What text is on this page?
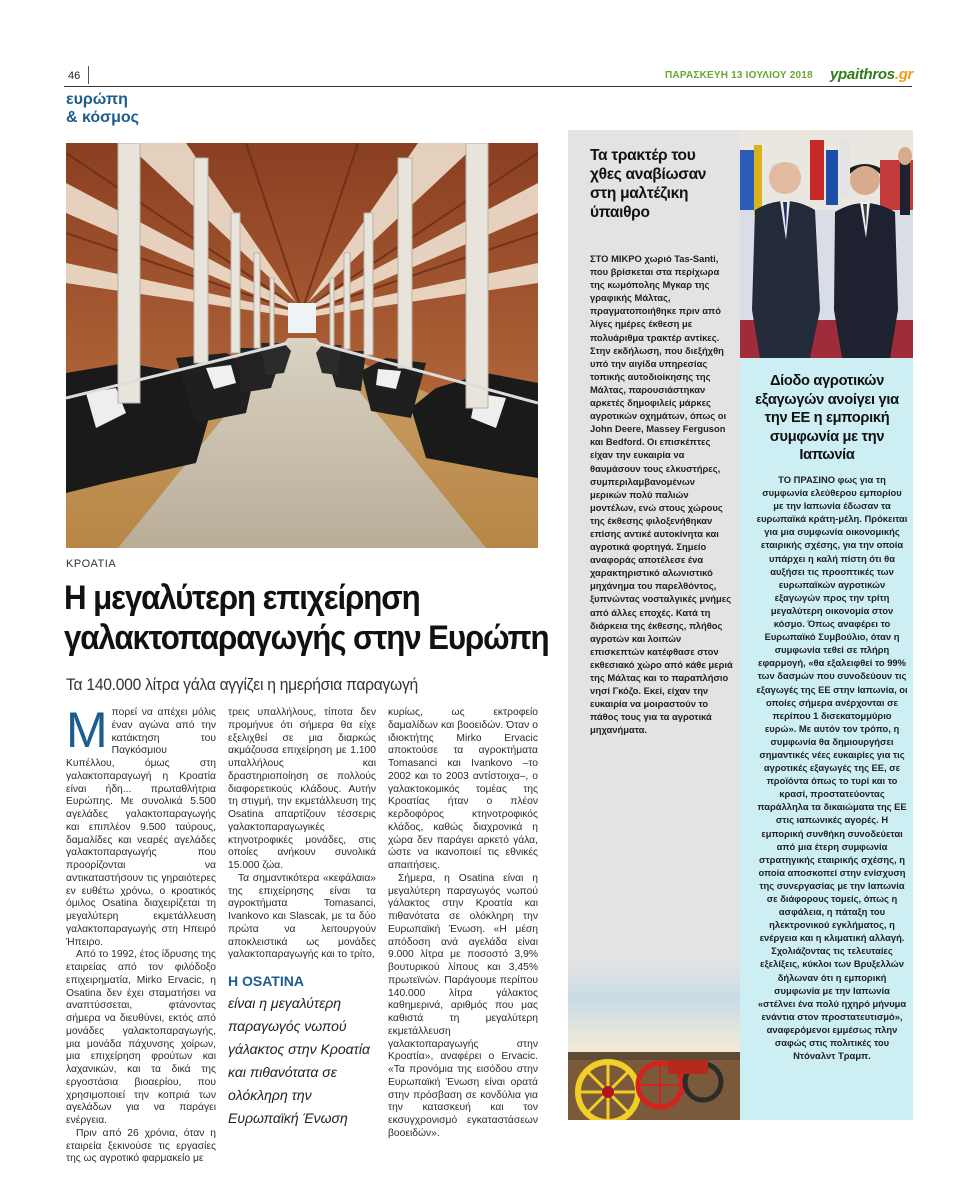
46	ΠΑΡΑΣΚΕΥΗ 13 ΙΟΥΛΙΟΥ 2018 ypaithros.gr
ευρώπη
& κόσμος
ΚΡΟΑΤΙΑ
Η μεγαλύτερη επιχείρηση
γαλακτοπαραγωγής στην Ευρώπη
Τα 140.000 λίτρα γάλα αγγίζει η ημερήσια παραγωγή

Μπορεί να απέχει μόλις έναν αγώνα από την κατάκτηση του Παγκόσμιου Κυπέλλου, όμως στη γαλακτοπαραγωγή η Κροατία είναι ήδη... πρωταθλήτρια Ευρώπης. Με συνολικά 5.500 αγελάδες γαλακτοπαραγωγής και επιπλέον 9.500 ταύρους, δαμαλίδες και νεαρές αγελάδες γαλακτοπαραγωγής που προορίζονται να αντικαταστήσουν τις γηραιότερες εν ευθέτω χρόνω, ο κροατικός όμιλος Osatina διαχειρίζεται τη μεγαλύτερη εκμετάλλευση γαλακτοπαραγωγής στη Ηπειρό Ήπειρο.

Από το 1992, έτος ίδρυσης της εταιρείας από τον φιλόδοξο επιχειρηματία, Mirko Ervacic, η Osatina δεν έχει σταματήσει να αναπτύσσεται, φτάνοντας σήμερα να διευθύνει, εκτός από μονάδες γαλακτοπαραγωγής, μια μονάδα πάχυνσης χοίρων, μια επιχείρηση φρούτων και λαχανικών, και τα δικά της εργοστάσια βιοαερίου, που χρησιμοποιεί την κοπριά των αγελάδων για να παράγει ενέργεια.

Πριν από 26 χρόνια, όταν η εταιρεία ξεκινούσε τις εργασίες της ως αγροτικό φαρμακείο με

τρεις υπαλλήλους, τίποτα δεν προμήνυε ότι σήμερα θα είχε εξελιχθεί σε μια διαρκώς ακμάζουσα επιχείρηση με 1.100 υπαλλήλους και δραστηριοποίηση σε πολλούς διαφορετικούς κλάδους. Αυτήν τη στιγμή, την εκμετάλλευση της Osatina απαρτίζουν τέσσερις γαλακτοπαραγωγικές κτηνοτροφικές μονάδες, στις οποίες ανήκουν συνολικά 15.000 ζώα.

Τα σημαντικότερα «κεφάλαια» της επιχείρησης είναι τα αγροκτήματα Tomasanci, Ivankovo και Slascak, με τα δύο πρώτα να λειτουργούν αποκλειστικά ως μονάδες γαλακτοπαραγωγής και το τρίτο,

Η OSATINA
είναι η μεγαλύτερη παραγωγός νωπού γάλακτος στην Κροατία και πιθανότατα σε ολόκληρη την Ευρωπαϊκή Ένωση

κυρίως, ως εκτροφείο δαμαλίδων και βοοειδών. Όταν ο ιδιοκτήτης Mirko Ervacic αποκτούσε τα αγροκτήματα Tomasanci και Ivankovo –το 2002 και το 2003 αντίστοιχα–, ο γαλακτοκομικός τομέας της Κροατίας ήταν ο πλέον κερδοφόρος κτηνοτροφικός κλάδος, καθώς διαχρονικά η χώρα δεν παράγει αρκετό γάλα, ώστε να ικανοποιεί τις εθνικές απαιτήσεις.

Σήμερα, η Osatina είναι η μεγαλύτερη παραγωγός νωπού γάλακτος στην Κροατία και πιθανότατα σε ολόκληρη την Ευρωπαϊκή Ένωση. «Η μέση απόδοση ανά αγελάδα είναι 9.000 λίτρα με ποσοστό 3,9% βουτυρικού λίπους και 3,45% πρωτεϊνών. Παράγουμε περίπου 140.000 λίτρα γάλακτος καθημερινά, αριθμός που μας καθιστά τη μεγαλύτερη εκμετάλλευση γαλακτοπαραγωγής στην Κροατία», αναφέρει ο Ervacic. «Τα προνόμια της εισόδου στην Ευρωπαϊκή Ένωση είναι ορατά στην πρόσβαση σε κονδύλια για την κατασκευή και τον εκσυγχρονισμό εγκαταστάσεων βοοειδών».

Τα τρακτέρ του χθες αναβίωσαν στη μαλτέζικη ύπαιθρο
ΣΤΟ ΜΙΚΡΟ χωριό Tas-Santi, που βρίσκεται στα περίχωρα της κωμόπολης Μγκαρ της γραφικής Μάλτας, πραγματοποιήθηκε πριν από λίγες ημέρες έκθεση με πολυάριθμα τρακτέρ αντίκες. Στην εκδήλωση, που διεξήχθη υπό την αιγίδα υπηρεσίας τοπικής αυτοδιοίκησης της Μάλτας, παρουσιάστηκαν αρκετές δημοφιλείς μάρκες αγροτικών οχημάτων, όπως οι John Deere, Massey Ferguson και Bedford. Οι επισκέπτες είχαν την ευκαιρία να θαυμάσουν τους ελκυστήρες, συμπεριλαμβανομένων μερικών πολύ παλιών μοντέλων, ενώ στους χώρους της έκθεσης φιλοξενήθηκαν επίσης αντικέ αυτοκίνητα και αγροτικά φορτηγά. Σημείο αναφοράς αποτέλεσε ένα χαρακτηριστικό αλωνιστικό μηχάνημα του παρελθόντος, ξυπνώντας νοσταλγικές μνήμες από άλλες εποχές. Κατά τη διάρκεια της έκθεσης, πλήθος αγροτών και λοιπών επισκεπτών κατέφθασε στον εκθεσιακό χώρο από κάθε μεριά της Μάλτας και το παραπλήσιο νησί Γκόζο. Εκεί, είχαν την ευκαιρία να μοιραστούν το πάθος τους για τα αγροτικά μηχανήματα.
Δίοδο αγροτικών εξαγωγών ανοίγει για την ΕΕ η εμπορική συμφωνία με την Ιαπωνία
ΤΟ ΠΡΑΣΙΝΟ φως για τη συμφωνία ελεύθερου εμπορίου με την Ιαπωνία έδωσαν τα ευρωπαϊκά κράτη-μέλη. Πρόκειται για μια συμφωνία οικονομικής εταιρικής σχέσης, για την οποία υπάρχει η καλή πίστη ότι θα αυξήσει τις προοπτικές των ευρωπαϊκών αγροτικών εξαγωγών προς την τρίτη μεγαλύτερη οικονομία στον κόσμο. Όπως αναφέρει το Ευρωπαϊκό Συμβούλιο, όταν η συμφωνία τεθεί σε πλήρη εφαρμογή, «θα εξαλειφθεί το 99% των δασμών που συνοδεύουν τις εξαγωγές της ΕΕ στην Ιαπωνία, οι οποίες σήμερα ανέρχονται σε περίπου 1 δισεκατομμύριο ευρώ». Με αυτόν τον τρόπο, η συμφωνία θα δημιουργήσει σημαντικές νέες ευκαιρίες για τις αγροτικές εξαγωγές της ΕΕ, σε προϊόντα όπως το τυρί και το κρασί, προστατεύοντας παράλληλα τα δικαιώματα της ΕΕ στις ιαπωνικές αγορές. Η εμπορική συνθήκη συνοδεύεται από μια έτερη συμφωνία στρατηγικής εταιρικής σχέσης, η οποία αποσκοπεί στην ενίσχυση της συνεργασίας με την Ιαπωνία σε διάφορους τομείς, όπως η ασφάλεια, η πάταξη του ηλεκτρονικού εγκλήματος, η ενέργεια και η κλιματική αλλαγή. Σχολιάζοντας τις τελευταίες εξελίξεις, κύκλοι των Βρυξελλών δήλωναν ότι η εμπορική συμφωνία με την Ιαπωνία «στέλνει ένα πολύ ηχηρό μήνυμα ενάντια στον προστατευτισμό», αναφερόμενοι εμμέσως πλην σαφώς στις πολιτικές του Ντόναλντ Τραμπ.
